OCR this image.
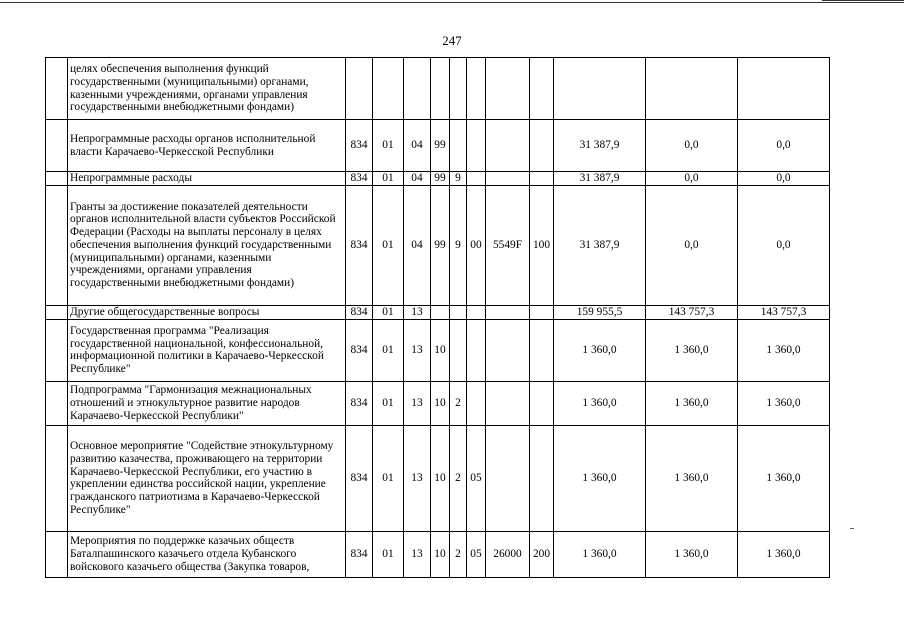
247
	целях обеспечения выполнения функций государственными (муниципальными) органами, казенными учреждениями, органами управления государственными внебюджетными фондами)											
	Непрограммные расходы органов исполнительной власти Карачаево-Черкесской Республики	834	01	04	99					31 387,9	0,0	0,0
	Непрограммные расходы	834	01	04	99	9				31 387,9	0,0	0,0
	Гранты за достижение показателей деятельности органов исполнительной власти субъектов Российской Федерации (Расходы на выплаты персоналу в целях обеспечения выполнения функций государственными (муниципальными) органами, казенными учреждениями, органами управления государственными внебюджетными фондами)	834	01	04	99	9	00	5549F	100	31 387,9	0,0	0,0
	Другие общегосударственные вопросы	834	01	13						159 955,5	143 757,3	143 757,3
	Государственная программа "Реализация государственной национальной, конфессиональной, информационной политики в Карачаево-Черкесской Республике"	834	01	13	10					1 360,0	1 360,0	1 360,0
	Подпрограмма "Гармонизация межнациональных отношений и этнокультурное развитие народов Карачаево-Черкесской Республики"	834	01	13	10	2				1 360,0	1 360,0	1 360,0
	Основное мероприятие "Содействие этнокультурному развитию казачества, проживающего на территории Карачаево-Черкесской Республики, его участию в укреплении единства российской нации, укрепление гражданского патриотизма в Карачаево-Черкесской Республике"	834	01	13	10	2	05			1 360,0	1 360,0	1 360,0
	Мероприятия по поддержке казачьих обществ Баталпашинского казачьего отдела Кубанского войскового казачьего общества (Закупка товаров,	834	01	13	10	2	05	26000	200	1 360,0	1 360,0	1 360,0
